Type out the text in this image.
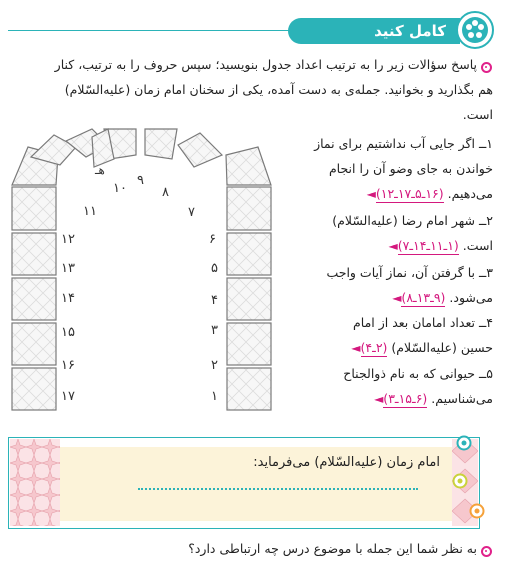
کامل کنید
پاسخ سؤالات زیر را به ترتیب اعداد جدول بنویسید؛ سپس حروف را به ترتیب، کنار
هم بگذارید و بخوانید. جمله‌ی به دست آمده، یکی از سخنان امام زمان (علیه‌السّلام)
است.
۱ــ اگر جایی آب نداشتیم برای نماز
خواندن به جای وضو آن را انجام
می‌دهیم. (۱۶ـ۵ـ۱۷ـ۱۲)◄
۲ــ شهر امام رضا (علیه‌السّلام)
است. (۱ـ۱۱ـ۱۴ـ۷)◄
۳ــ با گرفتن آن، نماز آیات واجب
می‌شود. (۹ـ۱۳ـ۸)◄
۴ــ تعداد امامان بعد از امام
حسین (علیه‌السّلام) (۲ـ۴)◄
۵ــ حیوانی که به نام ذوالجناح
می‌شناسیم. (۶ـ۱۵ـ۳)◄
۱
۲
۳
۴
۵
۶
۷
۸
۹
۱۰
۱۱
۱۲
۱۳
۱۴
۱۵
۱۶
۱۷
هـ
امام زمان (علیه‌السّلام) می‌فرماید:
به نظر شما این جمله با موضوع درس چه ارتباطی دارد؟
